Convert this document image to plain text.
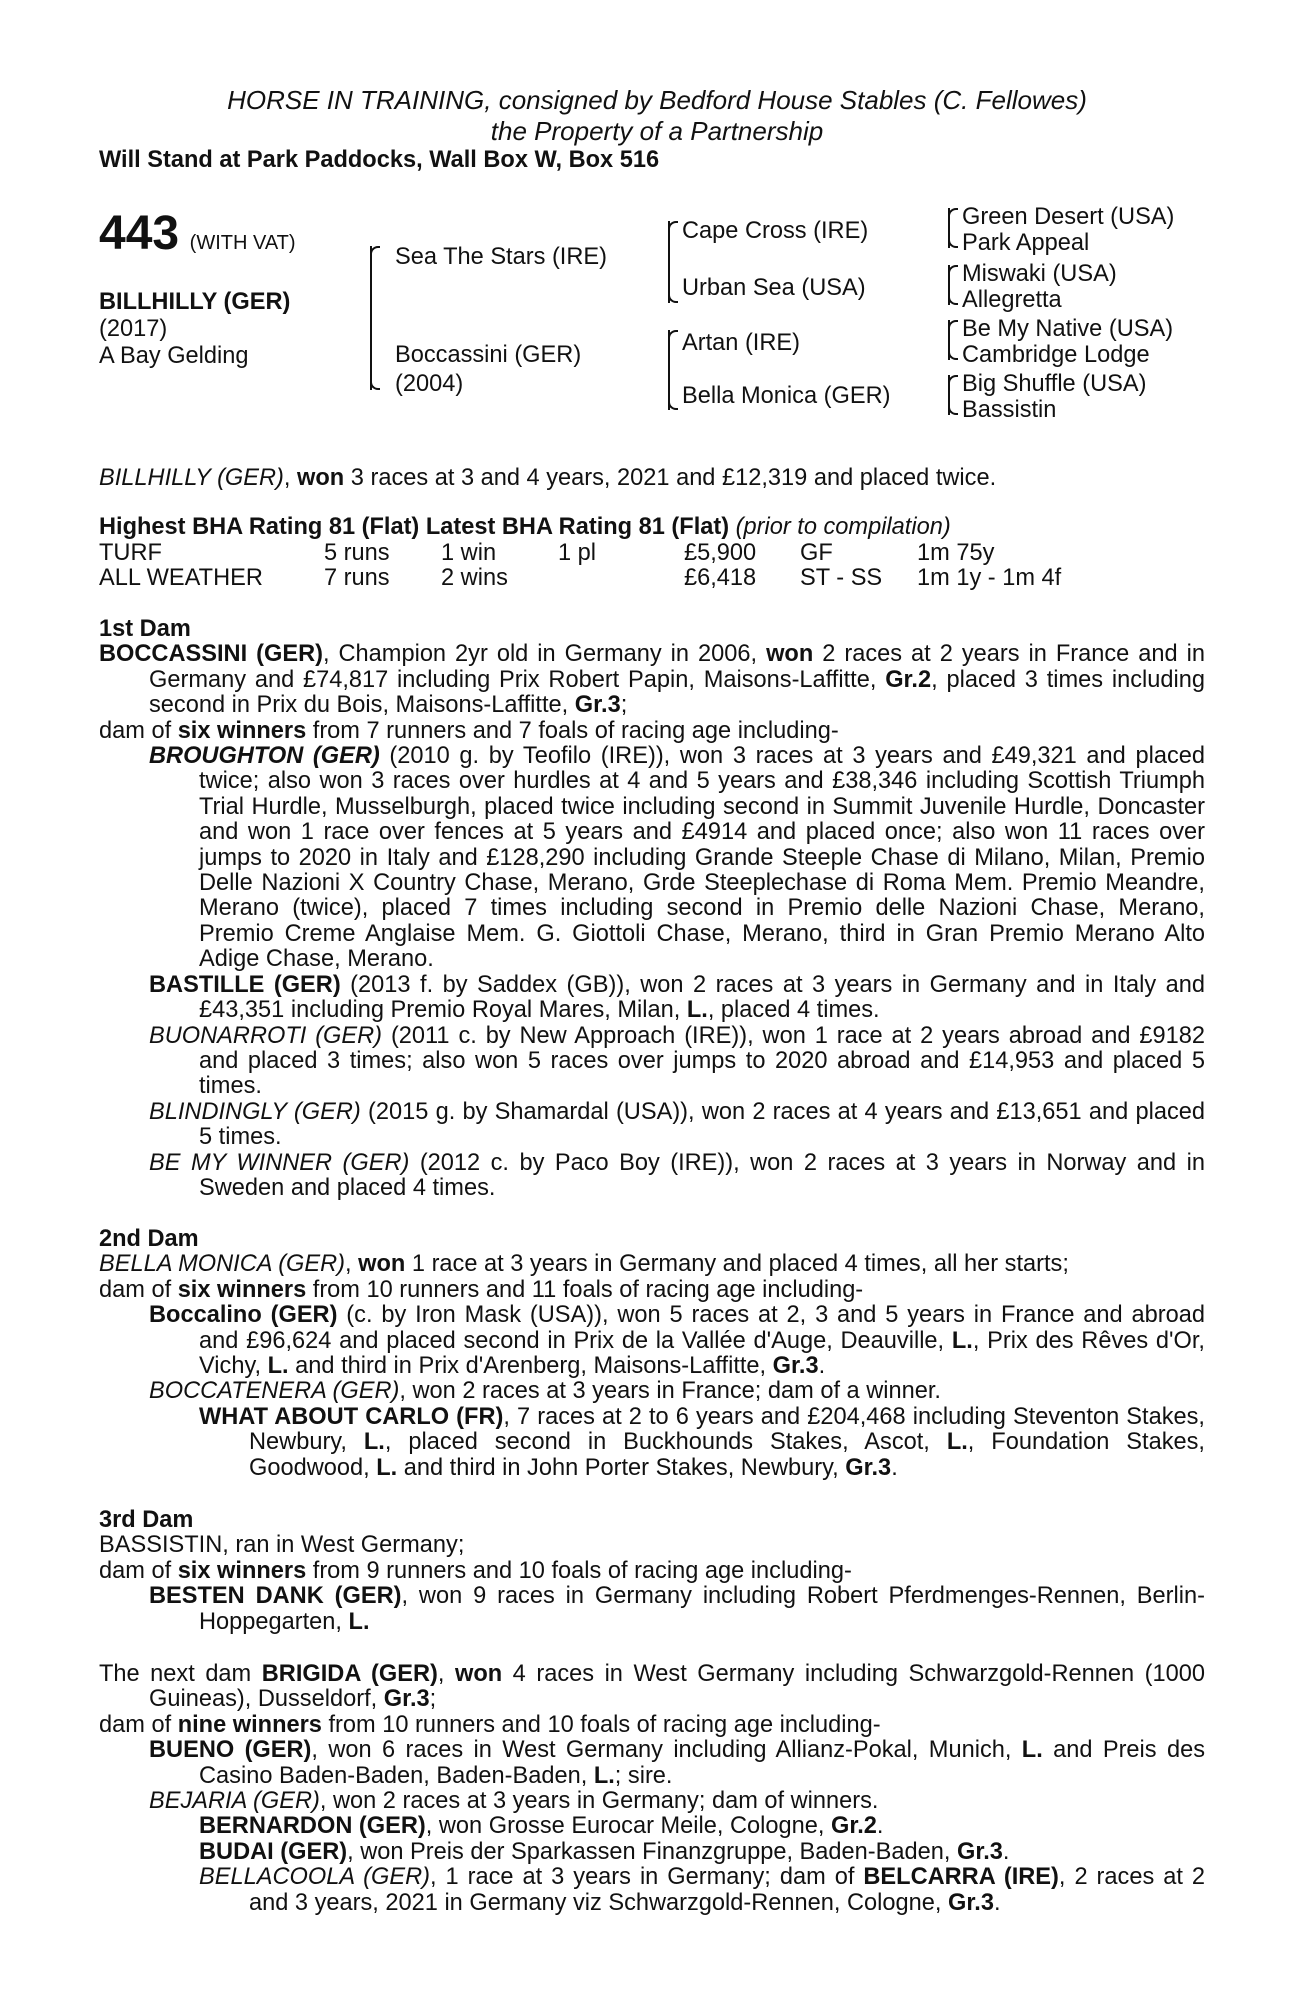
HORSE IN TRAINING, consigned by Bedford House Stables (C. Fellowes)
the Property of a Partnership
Will Stand at Park Paddocks, Wall Box W, Box 516
443 (WITH VAT)
BILLHILLY (GER)
(2017)
A Bay Gelding
Sea The Stars (IRE)
Boccassini (GER)
(2004)
Cape Cross (IRE)
Urban Sea (USA)
Artan (IRE)
Bella Monica (GER)
Green Desert (USA)
Park Appeal
Miswaki (USA)
Allegretta
Be My Native (USA)
Cambridge Lodge
Big Shuffle (USA)
Bassistin
BILLHILLY (GER), won 3 races at 3 and 4 years, 2021 and £12,319 and placed twice.
Highest BHA Rating 81 (Flat) Latest BHA Rating 81 (Flat) (prior to compilation)
TURF	5 runs 1 win	1 pl	£5,900 GF	1m 75y
ALL WEATHER	7 runs 2 wins	£6,418 ST - SS 1m 1y - 1m 4f

1st Dam

BOCCASSINI (GER), Champion 2yr old in Germany in 2006, won 2 races at 2 years in France and in Germany and £74,817 including Prix Robert Papin, Maisons-Laffitte, Gr.2, placed 3 times including second in Prix du Bois, Maisons-Laffitte, Gr.3;

dam of six winners from 7 runners and 7 foals of racing age including-

BROUGHTON (GER) (2010 g. by Teofilo (IRE)), won 3 races at 3 years and £49,321 and placed twice; also won 3 races over hurdles at 4 and 5 years and £38,346 including Scottish Triumph Trial Hurdle, Musselburgh, placed twice including second in Summit Juvenile Hurdle, Doncaster and won 1 race over fences at 5 years and £4914 and placed once; also won 11 races over jumps to 2020 in Italy and £128,290 including Grande Steeple Chase di Milano, Milan, Premio Delle Nazioni X Country Chase, Merano, Grde Steeplechase di Roma Mem. Premio Meandre, Merano (twice), placed 7 times including second in Premio delle Nazioni Chase, Merano, Premio Creme Anglaise Mem. G. Giottoli Chase, Merano, third in Gran Premio Merano Alto Adige Chase, Merano.

BASTILLE (GER) (2013 f. by Saddex (GB)), won 2 races at 3 years in Germany and in Italy and £43,351 including Premio Royal Mares, Milan, L., placed 4 times.

BUONARROTI (GER) (2011 c. by New Approach (IRE)), won 1 race at 2 years abroad and £9182 and placed 3 times; also won 5 races over jumps to 2020 abroad and £14,953 and placed 5 times.

BLINDINGLY (GER) (2015 g. by Shamardal (USA)), won 2 races at 4 years and £13,651 and placed 5 times.

BE MY WINNER (GER) (2012 c. by Paco Boy (IRE)), won 2 races at 3 years in Norway and in Sweden and placed 4 times.

2nd Dam

BELLA MONICA (GER), won 1 race at 3 years in Germany and placed 4 times, all her starts;

dam of six winners from 10 runners and 11 foals of racing age including-

Boccalino (GER) (c. by Iron Mask (USA)), won 5 races at 2, 3 and 5 years in France and abroad and £96,624 and placed second in Prix de la Vallée d'Auge, Deauville, L., Prix des Rêves d'Or, Vichy, L. and third in Prix d'Arenberg, Maisons-Laffitte, Gr.3.

BOCCATENERA (GER), won 2 races at 3 years in France; dam of a winner.

WHAT ABOUT CARLO (FR), 7 races at 2 to 6 years and £204,468 including Steventon Stakes, Newbury, L., placed second in Buckhounds Stakes, Ascot, L., Foundation Stakes, Goodwood, L. and third in John Porter Stakes, Newbury, Gr.3.

3rd Dam

BASSISTIN, ran in West Germany;

dam of six winners from 9 runners and 10 foals of racing age including-

BESTEN DANK (GER), won 9 races in Germany including Robert Pferdmenges-Rennen, Berlin-Hoppegarten, L.

The next dam BRIGIDA (GER), won 4 races in West Germany including Schwarzgold-Rennen (1000 Guineas), Dusseldorf, Gr.3;

dam of nine winners from 10 runners and 10 foals of racing age including-

BUENO (GER), won 6 races in West Germany including Allianz-Pokal, Munich, L. and Preis des Casino Baden-Baden, Baden-Baden, L.; sire.

BEJARIA (GER), won 2 races at 3 years in Germany; dam of winners.

BERNARDON (GER), won Grosse Eurocar Meile, Cologne, Gr.2.

BUDAI (GER), won Preis der Sparkassen Finanzgruppe, Baden-Baden, Gr.3.

BELLACOOLA (GER), 1 race at 3 years in Germany; dam of BELCARRA (IRE), 2 races at 2 and 3 years, 2021 in Germany viz Schwarzgold-Rennen, Cologne, Gr.3.
